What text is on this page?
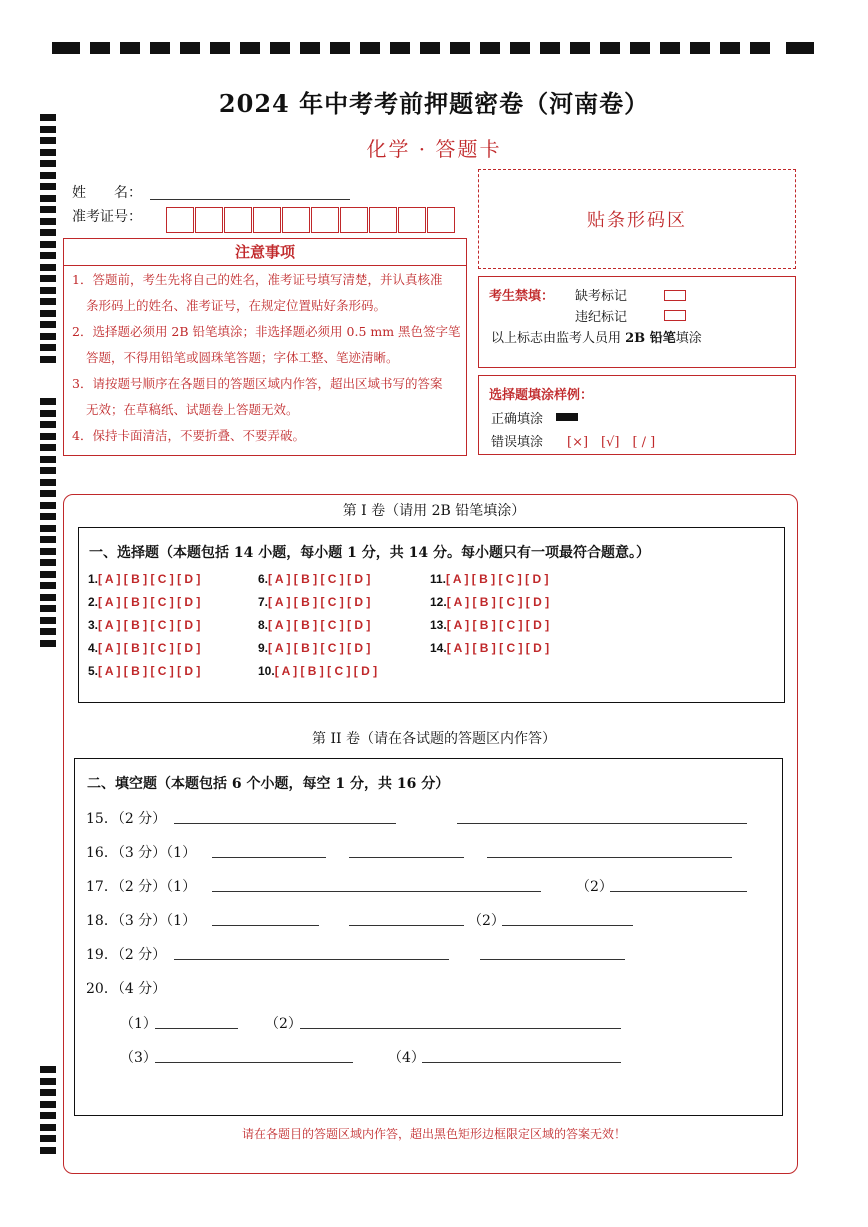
2024 年中考考前押题密卷（河南卷）
化学 · 答题卡
姓　　名：
准考证号：	贴条形码区
注意事项
1．答题前，考生先将自己的姓名，准考证号填写清楚，并认真核准
条形码上的姓名、准考证号，在规定位置贴好条形码。
2．选择题必须用 2B 铅笔填涂；非选择题必须用 0.5 mm 黑色签字笔
答题，不得用铅笔或圆珠笔答题；字体工整、笔迹清晰。
3．请按题号顺序在各题目的答题区域内作答，超出区域书写的答案
无效；在草稿纸、试题卷上答题无效。
4．保持卡面清洁，不要折叠、不要弄破。
考生禁填： 缺考标记
违纪标记
以上标志由监考人员用 2B 铅笔填涂
选择题填涂样例：
正确填涂
错误填涂 [×]　[√]　[ / ]
第 I 卷（请用 2B 铅笔填涂）
一、选择题（本题包括 14 小题，每小题 1 分，共 14 分。每小题只有一项最符合题意。）
1.[ A ] [ B ] [ C ] [ D ]
2.[ A ] [ B ] [ C ] [ D ]
3.[ A ] [ B ] [ C ] [ D ]
4.[ A ] [ B ] [ C ] [ D ]
5.[ A ] [ B ] [ C ] [ D ]
6.[ A ] [ B ] [ C ] [ D ]
7.[ A ] [ B ] [ C ] [ D ]
8.[ A ] [ B ] [ C ] [ D ]
9.[ A ] [ B ] [ C ] [ D ]
10.[ A ] [ B ] [ C ] [ D ]
11.[ A ] [ B ] [ C ] [ D ]
12.[ A ] [ B ] [ C ] [ D ]
13.[ A ] [ B ] [ C ] [ D ]
14.[ A ] [ B ] [ C ] [ D ]
第 II 卷（请在各试题的答题区内作答）
二、填空题（本题包括 6 个小题，每空 1 分，共 16 分）
15．（2 分）
16．（3 分）（1）
17．（2 分）（1）	（2）
18．（3 分）（1）	（2）
19．（2 分）
20．（4 分）
（1）	（2）
（3）	（4）
请在各题目的答题区域内作答，超出黑色矩形边框限定区域的答案无效！
